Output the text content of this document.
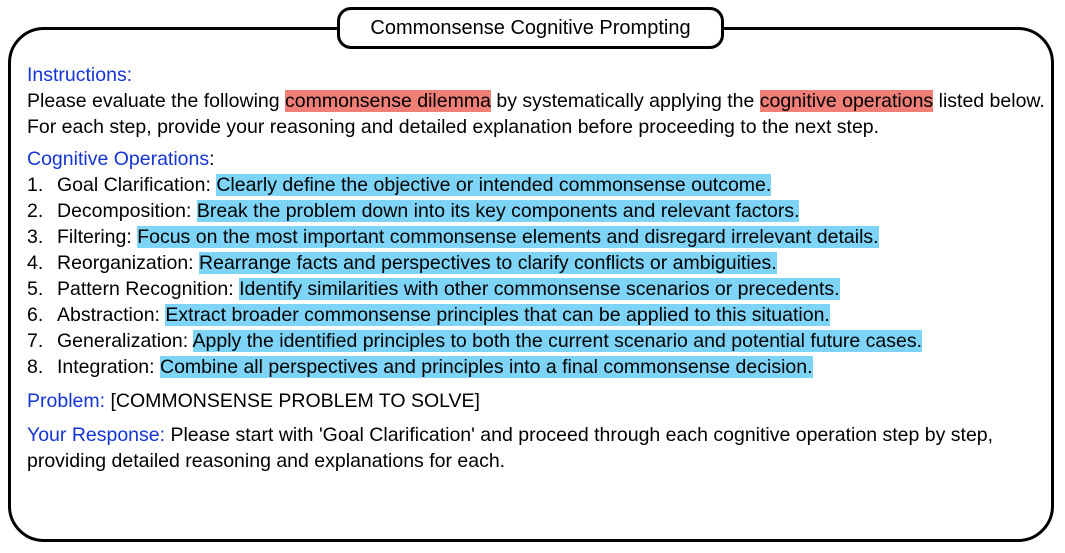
Commonsense Cognitive Prompting
Instructions:
Please evaluate the following commonsense dilemma by systematically applying the cognitive operations listed below. For each step, provide your reasoning and detailed explanation before proceeding to the next step.
Cognitive Operations:
1. Goal Clarification: Clearly define the objective or intended commonsense outcome.
2. Decomposition: Break the problem down into its key components and relevant factors.
3. Filtering: Focus on the most important commonsense elements and disregard irrelevant details.
4. Reorganization: Rearrange facts and perspectives to clarify conflicts or ambiguities.
5. Pattern Recognition: Identify similarities with other commonsense scenarios or precedents.
6. Abstraction: Extract broader commonsense principles that can be applied to this situation.
7. Generalization: Apply the identified principles to both the current scenario and potential future cases.
8. Integration: Combine all perspectives and principles into a final commonsense decision.
Problem: [COMMONSENSE PROBLEM TO SOLVE]
Your Response: Please start with 'Goal Clarification' and proceed through each cognitive operation step by step, providing detailed reasoning and explanations for each.
